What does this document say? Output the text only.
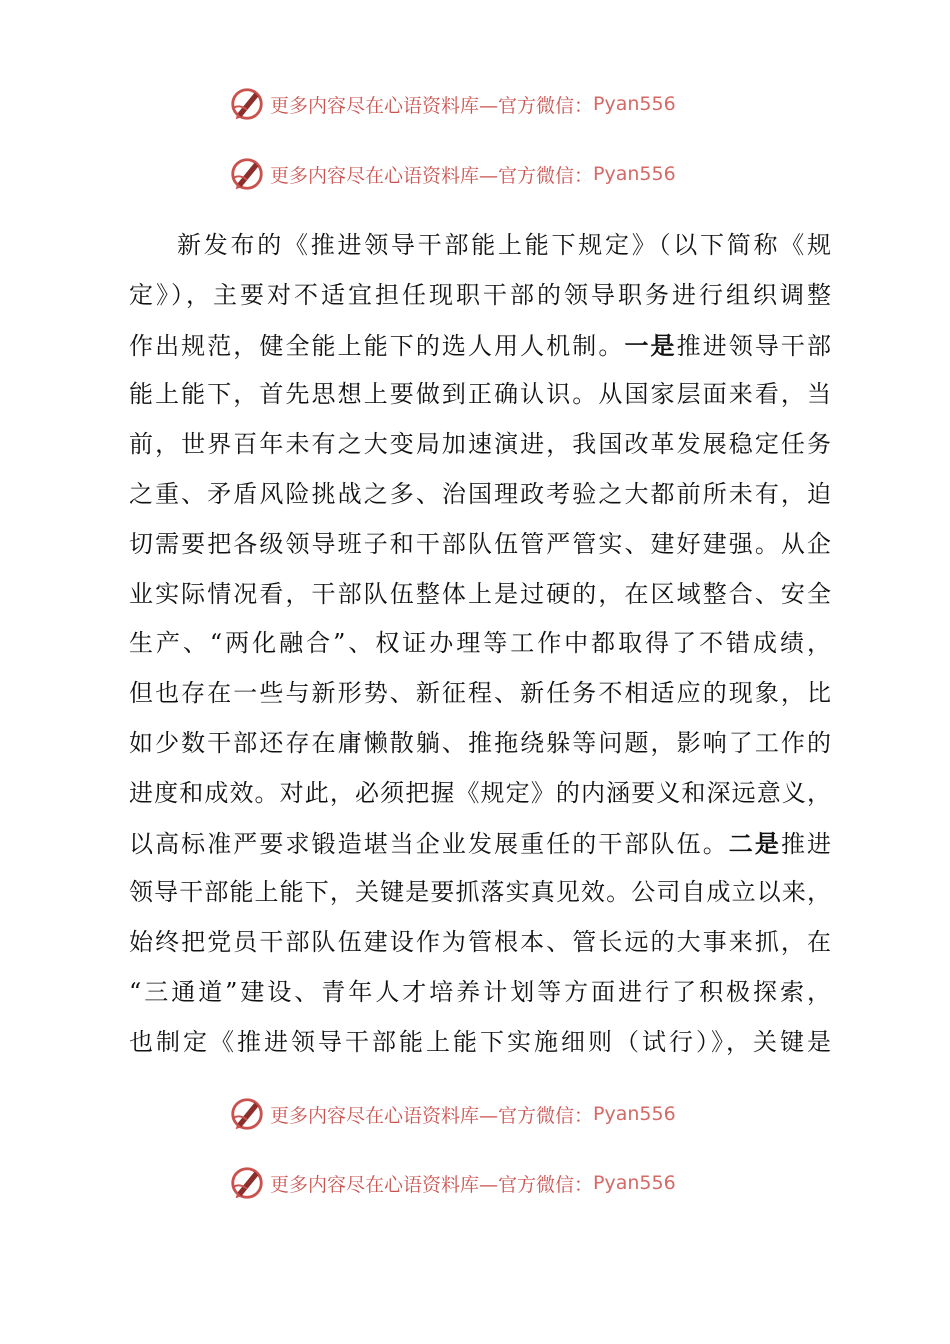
更多内容尽在心语资料库—官方微信： Pyan556
更多内容尽在心语资料库—官方微信： Pyan556
新发布的《推进领导干部能上能下规定》（以下简称《规
定》），主要对不适宜担任现职干部的领导职务进行组织调整
作出规范，健全能上能下的选人用人机制。一是推进领导干部
能上能下，首先思想上要做到正确认识。从国家层面来看，当
前，世界百年未有之大变局加速演进，我国改革发展稳定任务
之重、矛盾风险挑战之多、治国理政考验之大都前所未有，迫
切需要把各级领导班子和干部队伍管严管实、建好建强。从企
业实际情况看，干部队伍整体上是过硬的，在区域整合、安全
生产、“两化融合”、权证办理等工作中都取得了不错成绩，
但也存在一些与新形势、新征程、新任务不相适应的现象，比
如少数干部还存在庸懒散躺、推拖绕躲等问题，影响了工作的
进度和成效。对此，必须把握《规定》的内涵要义和深远意义，
以高标准严要求锻造堪当企业发展重任的干部队伍。二是推进
领导干部能上能下，关键是要抓落实真见效。公司自成立以来，
始终把党员干部队伍建设作为管根本、管长远的大事来抓，在
“三通道”建设、青年人才培养计划等方面进行了积极探索，
也制定《推进领导干部能上能下实施细则（试行）》，关键是
更多内容尽在心语资料库—官方微信： Pyan556
更多内容尽在心语资料库—官方微信： Pyan556
